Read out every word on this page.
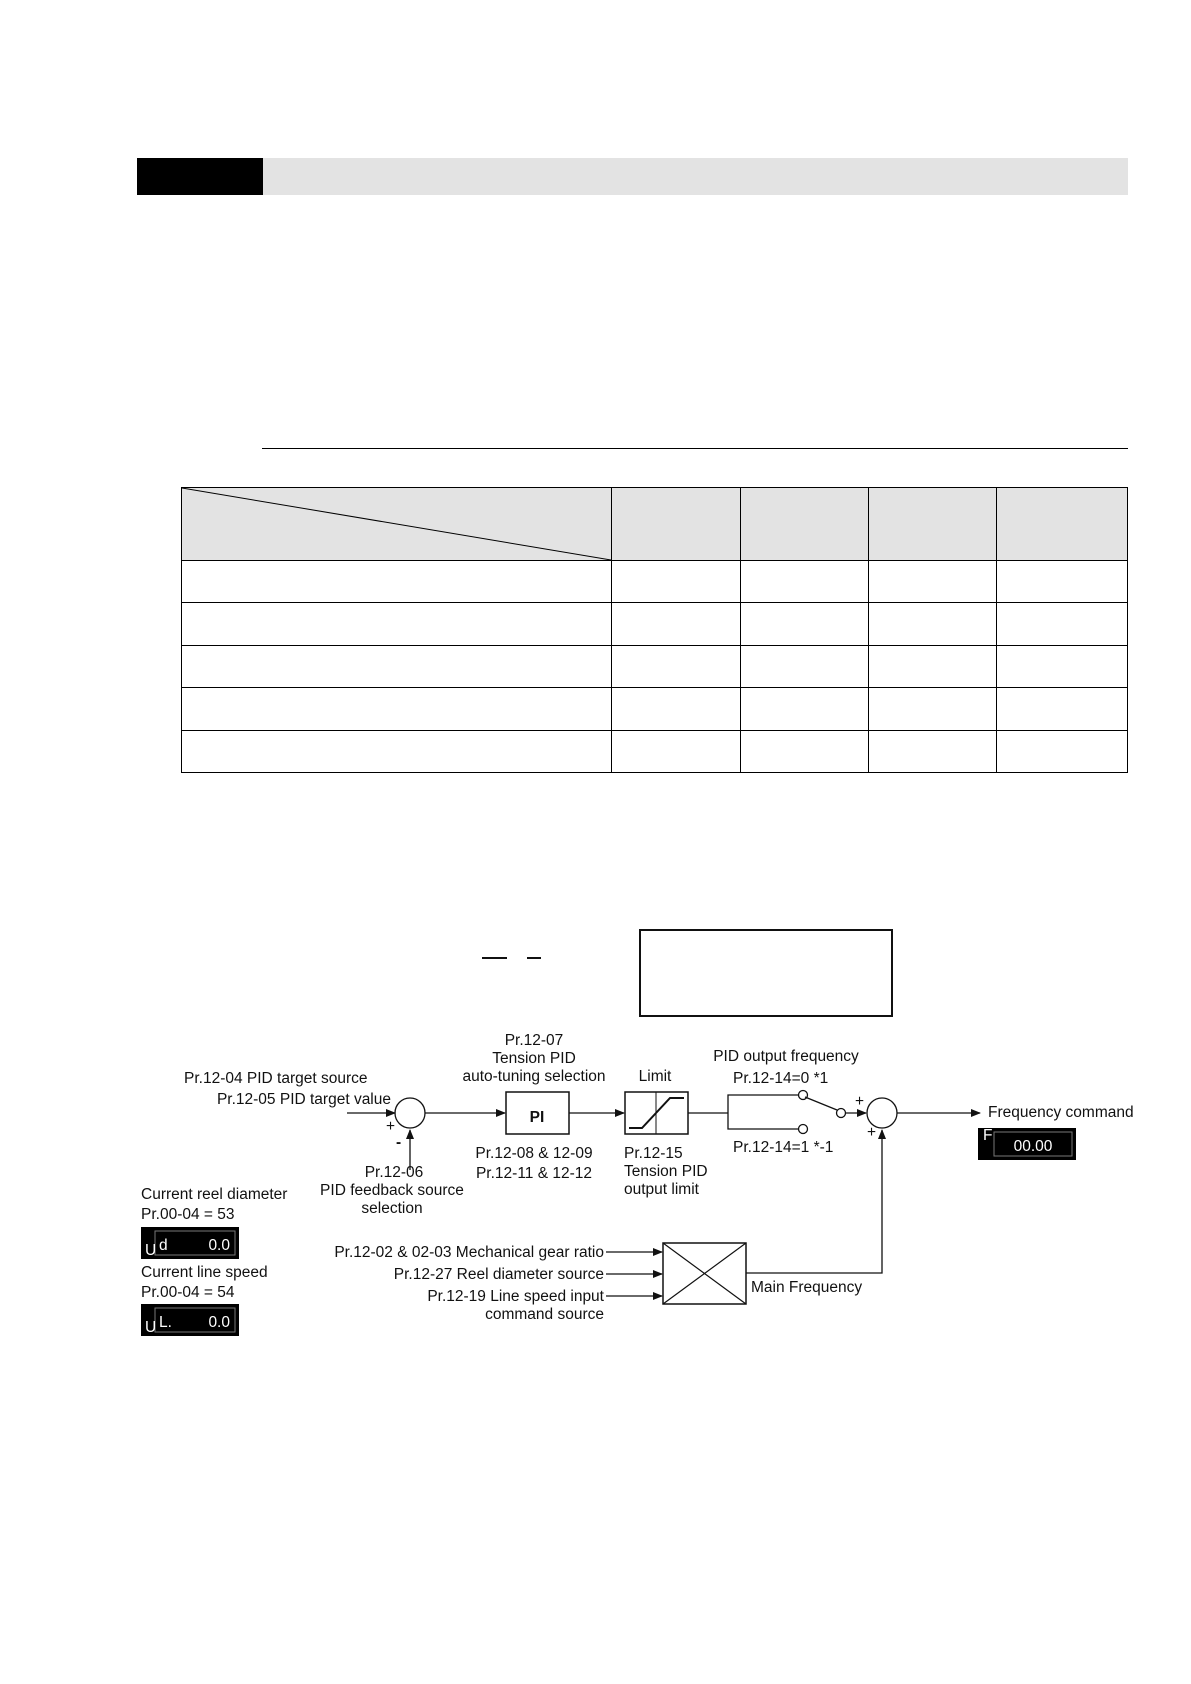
Pr.12-04 PID target source
Pr.12-05 PID target value
+
-
Pr.12-07
Tension PID
auto-tuning selection
PI
Pr.12-08 & 12-09
Pr.12-11 & 12-12
Limit
Pr.12-15
Tension PID
output limit
PID output frequency
Pr.12-14=0 *1
Pr.12-14=1 *-1
+
+
Frequency command
F
00.00
Pr.12-06
PID feedback source
selection
Current reel diameter
Pr.00-04 = 53
U d	0.0
Current line speed
Pr.00-04 = 54
U L. 0.0
Pr.12-02 & 02-03 Mechanical gear ratio
Pr.12-27 Reel diameter source
Pr.12-19 Line speed input
command source
Main Frequency
